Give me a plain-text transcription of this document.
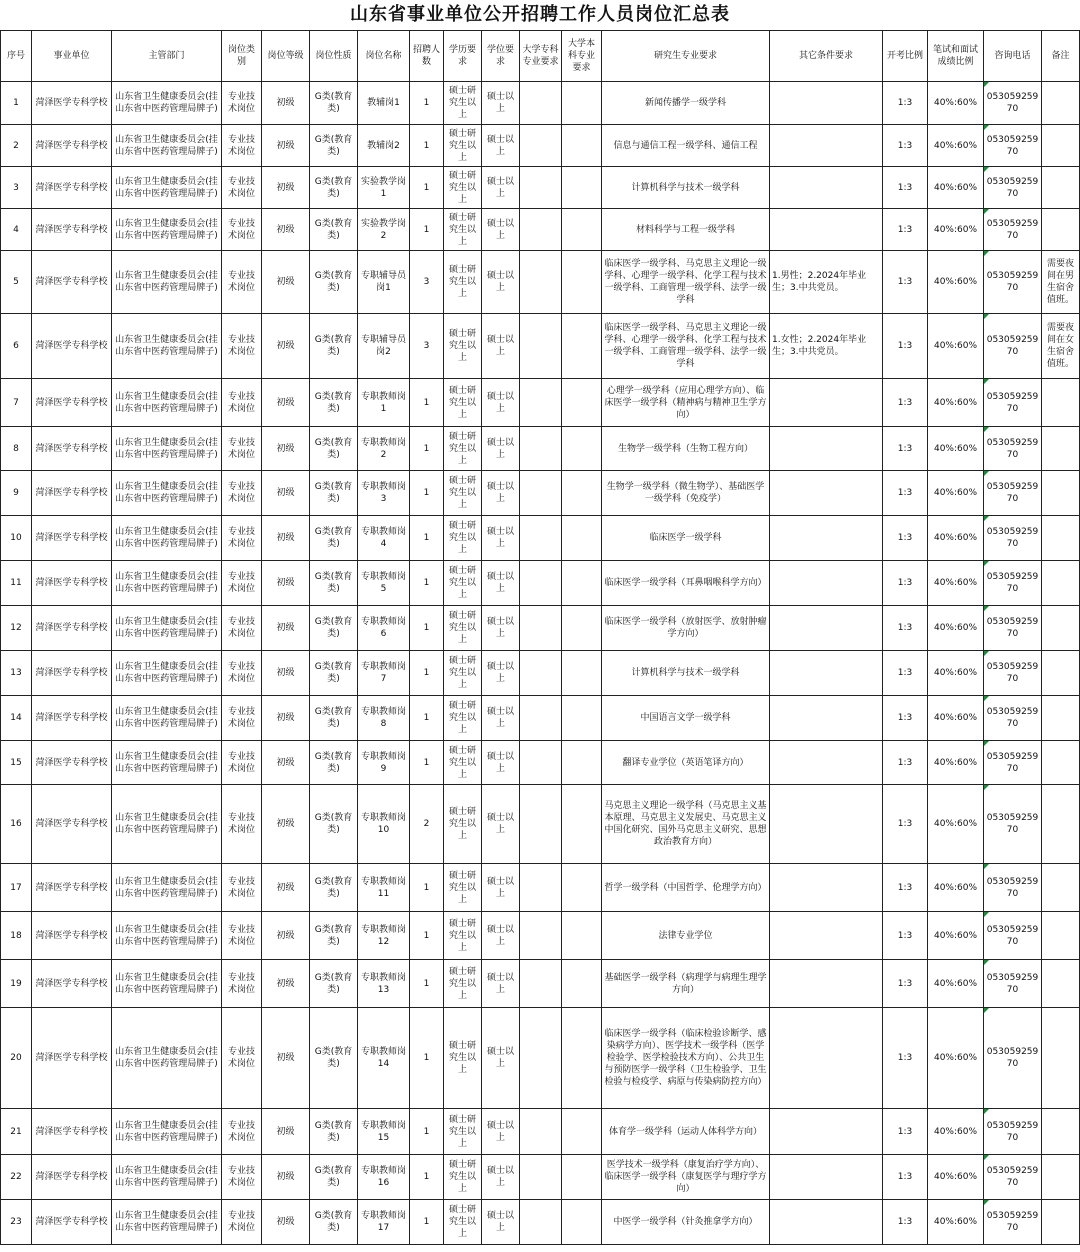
山东省事业单位公开招聘工作人员岗位汇总表
序号	事业单位	主管部门	岗位类别	岗位等级	岗位性质	岗位名称	招聘人数	学历要求	学位要求	大学专科专业要求	大学本科专业要求	研究生专业要求	其它条件要求	开考比例	笔试和面试成绩比例	咨询电话	备注
1	菏泽医学专科学校	山东省卫生健康委员会(挂山东省中医药管理局牌子)	专业技术岗位	初级	G类(教育类)	教辅岗1	1	硕士研究生以上	硕士以上			新闻传播学一级学科		1:3	40%:60%	05305925970	
2	菏泽医学专科学校	山东省卫生健康委员会(挂山东省中医药管理局牌子)	专业技术岗位	初级	G类(教育类)	教辅岗2	1	硕士研究生以上	硕士以上			信息与通信工程一级学科、通信工程		1:3	40%:60%	05305925970	
3	菏泽医学专科学校	山东省卫生健康委员会(挂山东省中医药管理局牌子)	专业技术岗位	初级	G类(教育类)	实验教学岗1	1	硕士研究生以上	硕士以上			计算机科学与技术一级学科		1:3	40%:60%	05305925970	
4	菏泽医学专科学校	山东省卫生健康委员会(挂山东省中医药管理局牌子)	专业技术岗位	初级	G类(教育类)	实验教学岗2	1	硕士研究生以上	硕士以上			材料科学与工程一级学科		1:3	40%:60%	05305925970	
5	菏泽医学专科学校	山东省卫生健康委员会(挂山东省中医药管理局牌子)	专业技术岗位	初级	G类(教育类)	专职辅导员岗1	3	硕士研究生以上	硕士以上			临床医学一级学科、马克思主义理论一级学科、心理学一级学科、化学工程与技术一级学科、工商管理一级学科、法学一级学科	1.男性；2.2024年毕业生；3.中共党员。	1:3	40%:60%	05305925970	需要夜间在男生宿舍值班。
6	菏泽医学专科学校	山东省卫生健康委员会(挂山东省中医药管理局牌子)	专业技术岗位	初级	G类(教育类)	专职辅导员岗2	3	硕士研究生以上	硕士以上			临床医学一级学科、马克思主义理论一级学科、心理学一级学科、化学工程与技术一级学科、工商管理一级学科、法学一级学科	1.女性；2.2024年毕业生；3.中共党员。	1:3	40%:60%	05305925970	需要夜间在女生宿舍值班。
7	菏泽医学专科学校	山东省卫生健康委员会(挂山东省中医药管理局牌子)	专业技术岗位	初级	G类(教育类)	专职教师岗1	1	硕士研究生以上	硕士以上			心理学一级学科（应用心理学方向）、临床医学一级学科（精神病与精神卫生学方向）		1:3	40%:60%	05305925970	
8	菏泽医学专科学校	山东省卫生健康委员会(挂山东省中医药管理局牌子)	专业技术岗位	初级	G类(教育类)	专职教师岗2	1	硕士研究生以上	硕士以上			生物学一级学科（生物工程方向）		1:3	40%:60%	05305925970	
9	菏泽医学专科学校	山东省卫生健康委员会(挂山东省中医药管理局牌子)	专业技术岗位	初级	G类(教育类)	专职教师岗3	1	硕士研究生以上	硕士以上			生物学一级学科（微生物学）、基础医学一级学科（免疫学）		1:3	40%:60%	05305925970	
10	菏泽医学专科学校	山东省卫生健康委员会(挂山东省中医药管理局牌子)	专业技术岗位	初级	G类(教育类)	专职教师岗4	1	硕士研究生以上	硕士以上			临床医学一级学科		1:3	40%:60%	05305925970	
11	菏泽医学专科学校	山东省卫生健康委员会(挂山东省中医药管理局牌子)	专业技术岗位	初级	G类(教育类)	专职教师岗5	1	硕士研究生以上	硕士以上			临床医学一级学科（耳鼻咽喉科学方向）		1:3	40%:60%	05305925970	
12	菏泽医学专科学校	山东省卫生健康委员会(挂山东省中医药管理局牌子)	专业技术岗位	初级	G类(教育类)	专职教师岗6	1	硕士研究生以上	硕士以上			临床医学一级学科（放射医学、放射肿瘤学方向）		1:3	40%:60%	05305925970	
13	菏泽医学专科学校	山东省卫生健康委员会(挂山东省中医药管理局牌子)	专业技术岗位	初级	G类(教育类)	专职教师岗7	1	硕士研究生以上	硕士以上			计算机科学与技术一级学科		1:3	40%:60%	05305925970	
14	菏泽医学专科学校	山东省卫生健康委员会(挂山东省中医药管理局牌子)	专业技术岗位	初级	G类(教育类)	专职教师岗8	1	硕士研究生以上	硕士以上			中国语言文学一级学科		1:3	40%:60%	05305925970	
15	菏泽医学专科学校	山东省卫生健康委员会(挂山东省中医药管理局牌子)	专业技术岗位	初级	G类(教育类)	专职教师岗9	1	硕士研究生以上	硕士以上			翻译专业学位（英语笔译方向）		1:3	40%:60%	05305925970	
16	菏泽医学专科学校	山东省卫生健康委员会(挂山东省中医药管理局牌子)	专业技术岗位	初级	G类(教育类)	专职教师岗10	2	硕士研究生以上	硕士以上			马克思主义理论一级学科（马克思主义基本原理、马克思主义发展史、马克思主义中国化研究、国外马克思主义研究、思想政治教育方向）		1:3	40%:60%	05305925970	
17	菏泽医学专科学校	山东省卫生健康委员会(挂山东省中医药管理局牌子)	专业技术岗位	初级	G类(教育类)	专职教师岗11	1	硕士研究生以上	硕士以上			哲学一级学科（中国哲学、伦理学方向）		1:3	40%:60%	05305925970	
18	菏泽医学专科学校	山东省卫生健康委员会(挂山东省中医药管理局牌子)	专业技术岗位	初级	G类(教育类)	专职教师岗12	1	硕士研究生以上	硕士以上			法律专业学位		1:3	40%:60%	05305925970	
19	菏泽医学专科学校	山东省卫生健康委员会(挂山东省中医药管理局牌子)	专业技术岗位	初级	G类(教育类)	专职教师岗13	1	硕士研究生以上	硕士以上			基础医学一级学科（病理学与病理生理学方向）		1:3	40%:60%	05305925970	
20	菏泽医学专科学校	山东省卫生健康委员会(挂山东省中医药管理局牌子)	专业技术岗位	初级	G类(教育类)	专职教师岗14	1	硕士研究生以上	硕士以上			临床医学一级学科（临床检验诊断学、感染病学方向）、医学技术一级学科（医学检验学、医学检验技术方向）、公共卫生与预防医学一级学科（卫生检验学、卫生检验与检疫学、病原与传染病防控方向）		1:3	40%:60%	05305925970	
21	菏泽医学专科学校	山东省卫生健康委员会(挂山东省中医药管理局牌子)	专业技术岗位	初级	G类(教育类)	专职教师岗15	1	硕士研究生以上	硕士以上			体育学一级学科（运动人体科学方向）		1:3	40%:60%	05305925970	
22	菏泽医学专科学校	山东省卫生健康委员会(挂山东省中医药管理局牌子)	专业技术岗位	初级	G类(教育类)	专职教师岗16	1	硕士研究生以上	硕士以上			医学技术一级学科（康复治疗学方向）、临床医学一级学科（康复医学与理疗学方向）		1:3	40%:60%	05305925970	
23	菏泽医学专科学校	山东省卫生健康委员会(挂山东省中医药管理局牌子)	专业技术岗位	初级	G类(教育类)	专职教师岗17	1	硕士研究生以上	硕士以上			中医学一级学科（针灸推拿学方向）		1:3	40%:60%	05305925970	
